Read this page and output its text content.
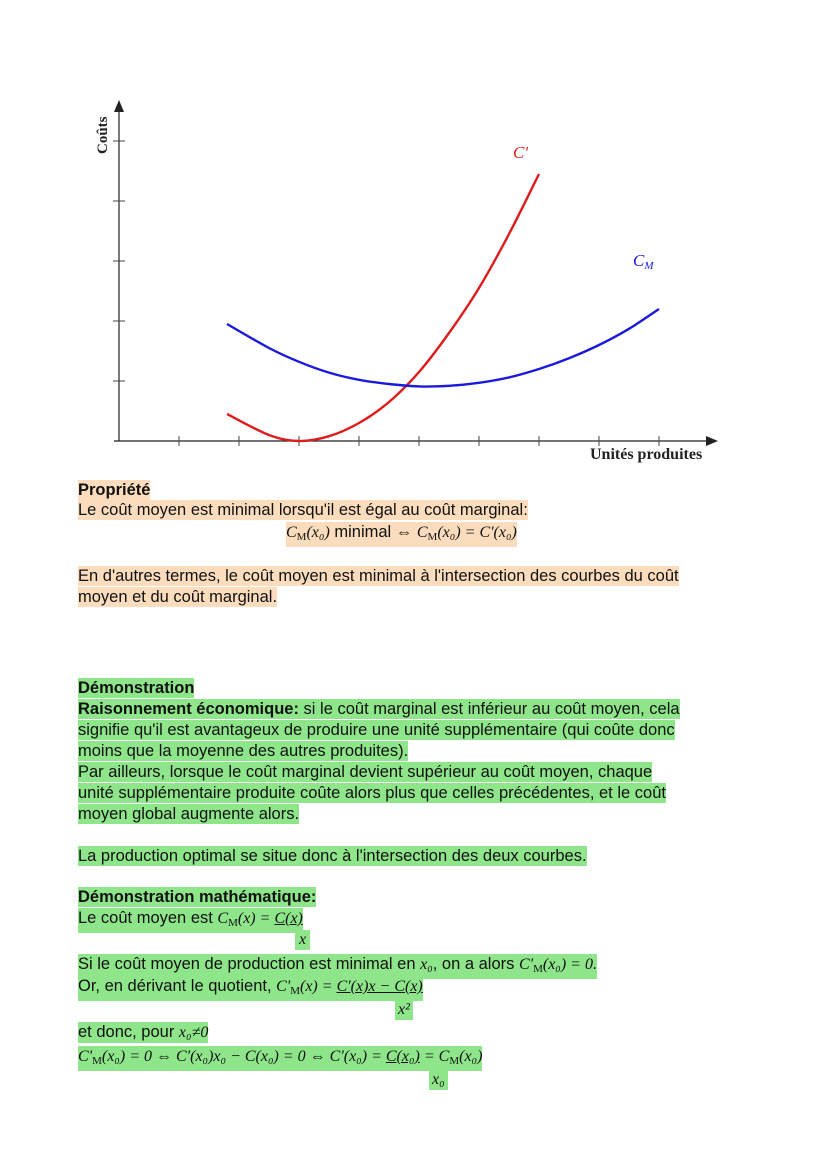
Coûts
Unités produites
C'
CM
Propriété
Le coût moyen est minimal lorsqu'il est égal au coût marginal:
$C_M(x_0)$ minimal ⇔ $C_M(x_0) = C'(x_0)$
En d'autres termes, le coût moyen est minimal à l'intersection des courbes du coût
moyen et du coût marginal.
Démonstration
Raisonnement économique: si le coût marginal est inférieur au coût moyen, cela
signifie qu'il est avantageux de produire une unité supplémentaire (qui coûte donc
moins que la moyenne des autres produites).
Par ailleurs, lorsque le coût marginal devient supérieur au coût moyen, chaque
unité supplémentaire produite coûte alors plus que celles précédentes, et le coût
moyen global augmente alors.
La production optimal se situe donc à l'intersection des deux courbes.
Démonstration mathématique:
Le coût moyen est $C_M(x) = C(x)$
x
Si le coût moyen de production est minimal en x₀, on a alors $C'_M(x_0) = 0$.
Or, en dérivant le quotient, $C'_M(x) = C'(x)x - C(x)$
x²
et donc, pour x₀≠0
$C'_M(x_0) = 0$ ⇔ C'(x₀)x₀ − C(x₀) = 0 ⇔ $C'(x_0) = C(x_0) = C_M(x_0)$
x₀
